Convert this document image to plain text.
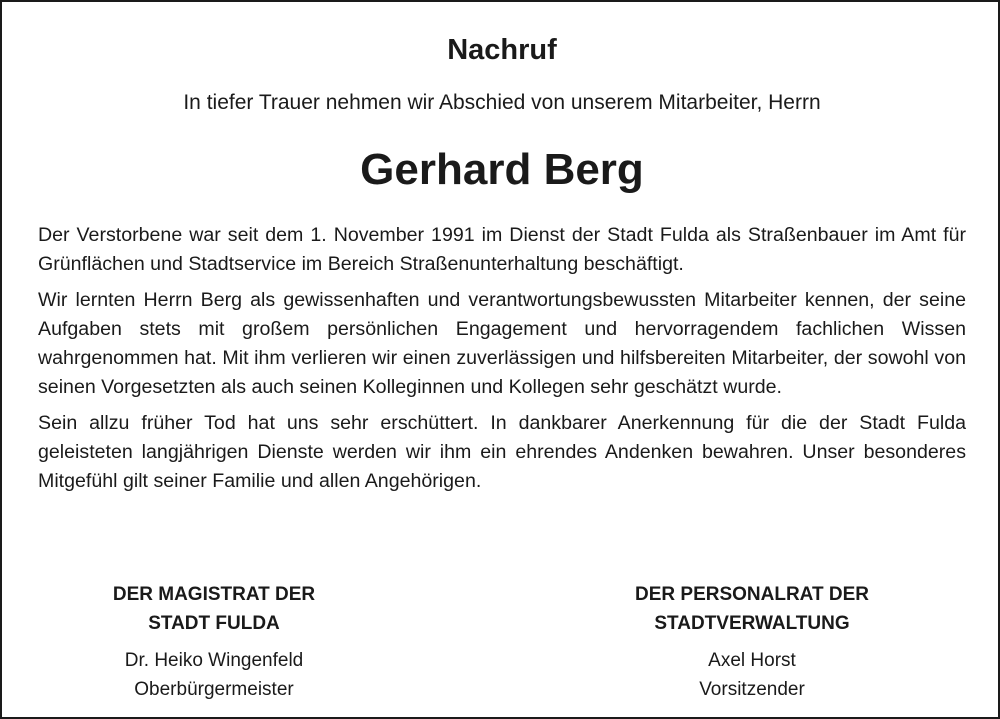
Nachruf
In tiefer Trauer nehmen wir Abschied von unserem Mitarbeiter, Herrn
Gerhard Berg

Der Verstorbene war seit dem 1. November 1991 im Dienst der Stadt Fulda als Straßenbauer im Amt für Grünflächen und Stadtservice im Bereich Straßenunterhaltung beschäftigt.

Wir lernten Herrn Berg als gewissenhaften und verantwortungsbewussten Mitarbeiter kennen, der seine Aufgaben stets mit großem persönlichen Engagement und hervorragendem fachlichen Wissen wahrgenommen hat. Mit ihm verlieren wir einen zuverlässigen und hilfsbereiten Mitarbeiter, der sowohl von seinen Vorgesetzten als auch seinen Kolleginnen und Kollegen sehr geschätzt wurde.

Sein allzu früher Tod hat uns sehr erschüttert. In dankbarer Anerkennung für die der Stadt Fulda geleisteten langjährigen Dienste werden wir ihm ein ehrendes Andenken bewahren. Unser besonderes Mitgefühl gilt seiner Familie und allen Angehörigen.

DER MAGISTRAT DER
STADT FULDA
Dr. Heiko Wingenfeld
Oberbürgermeister
DER PERSONALRAT DER
STADTVERWALTUNG
Axel Horst
Vorsitzender
